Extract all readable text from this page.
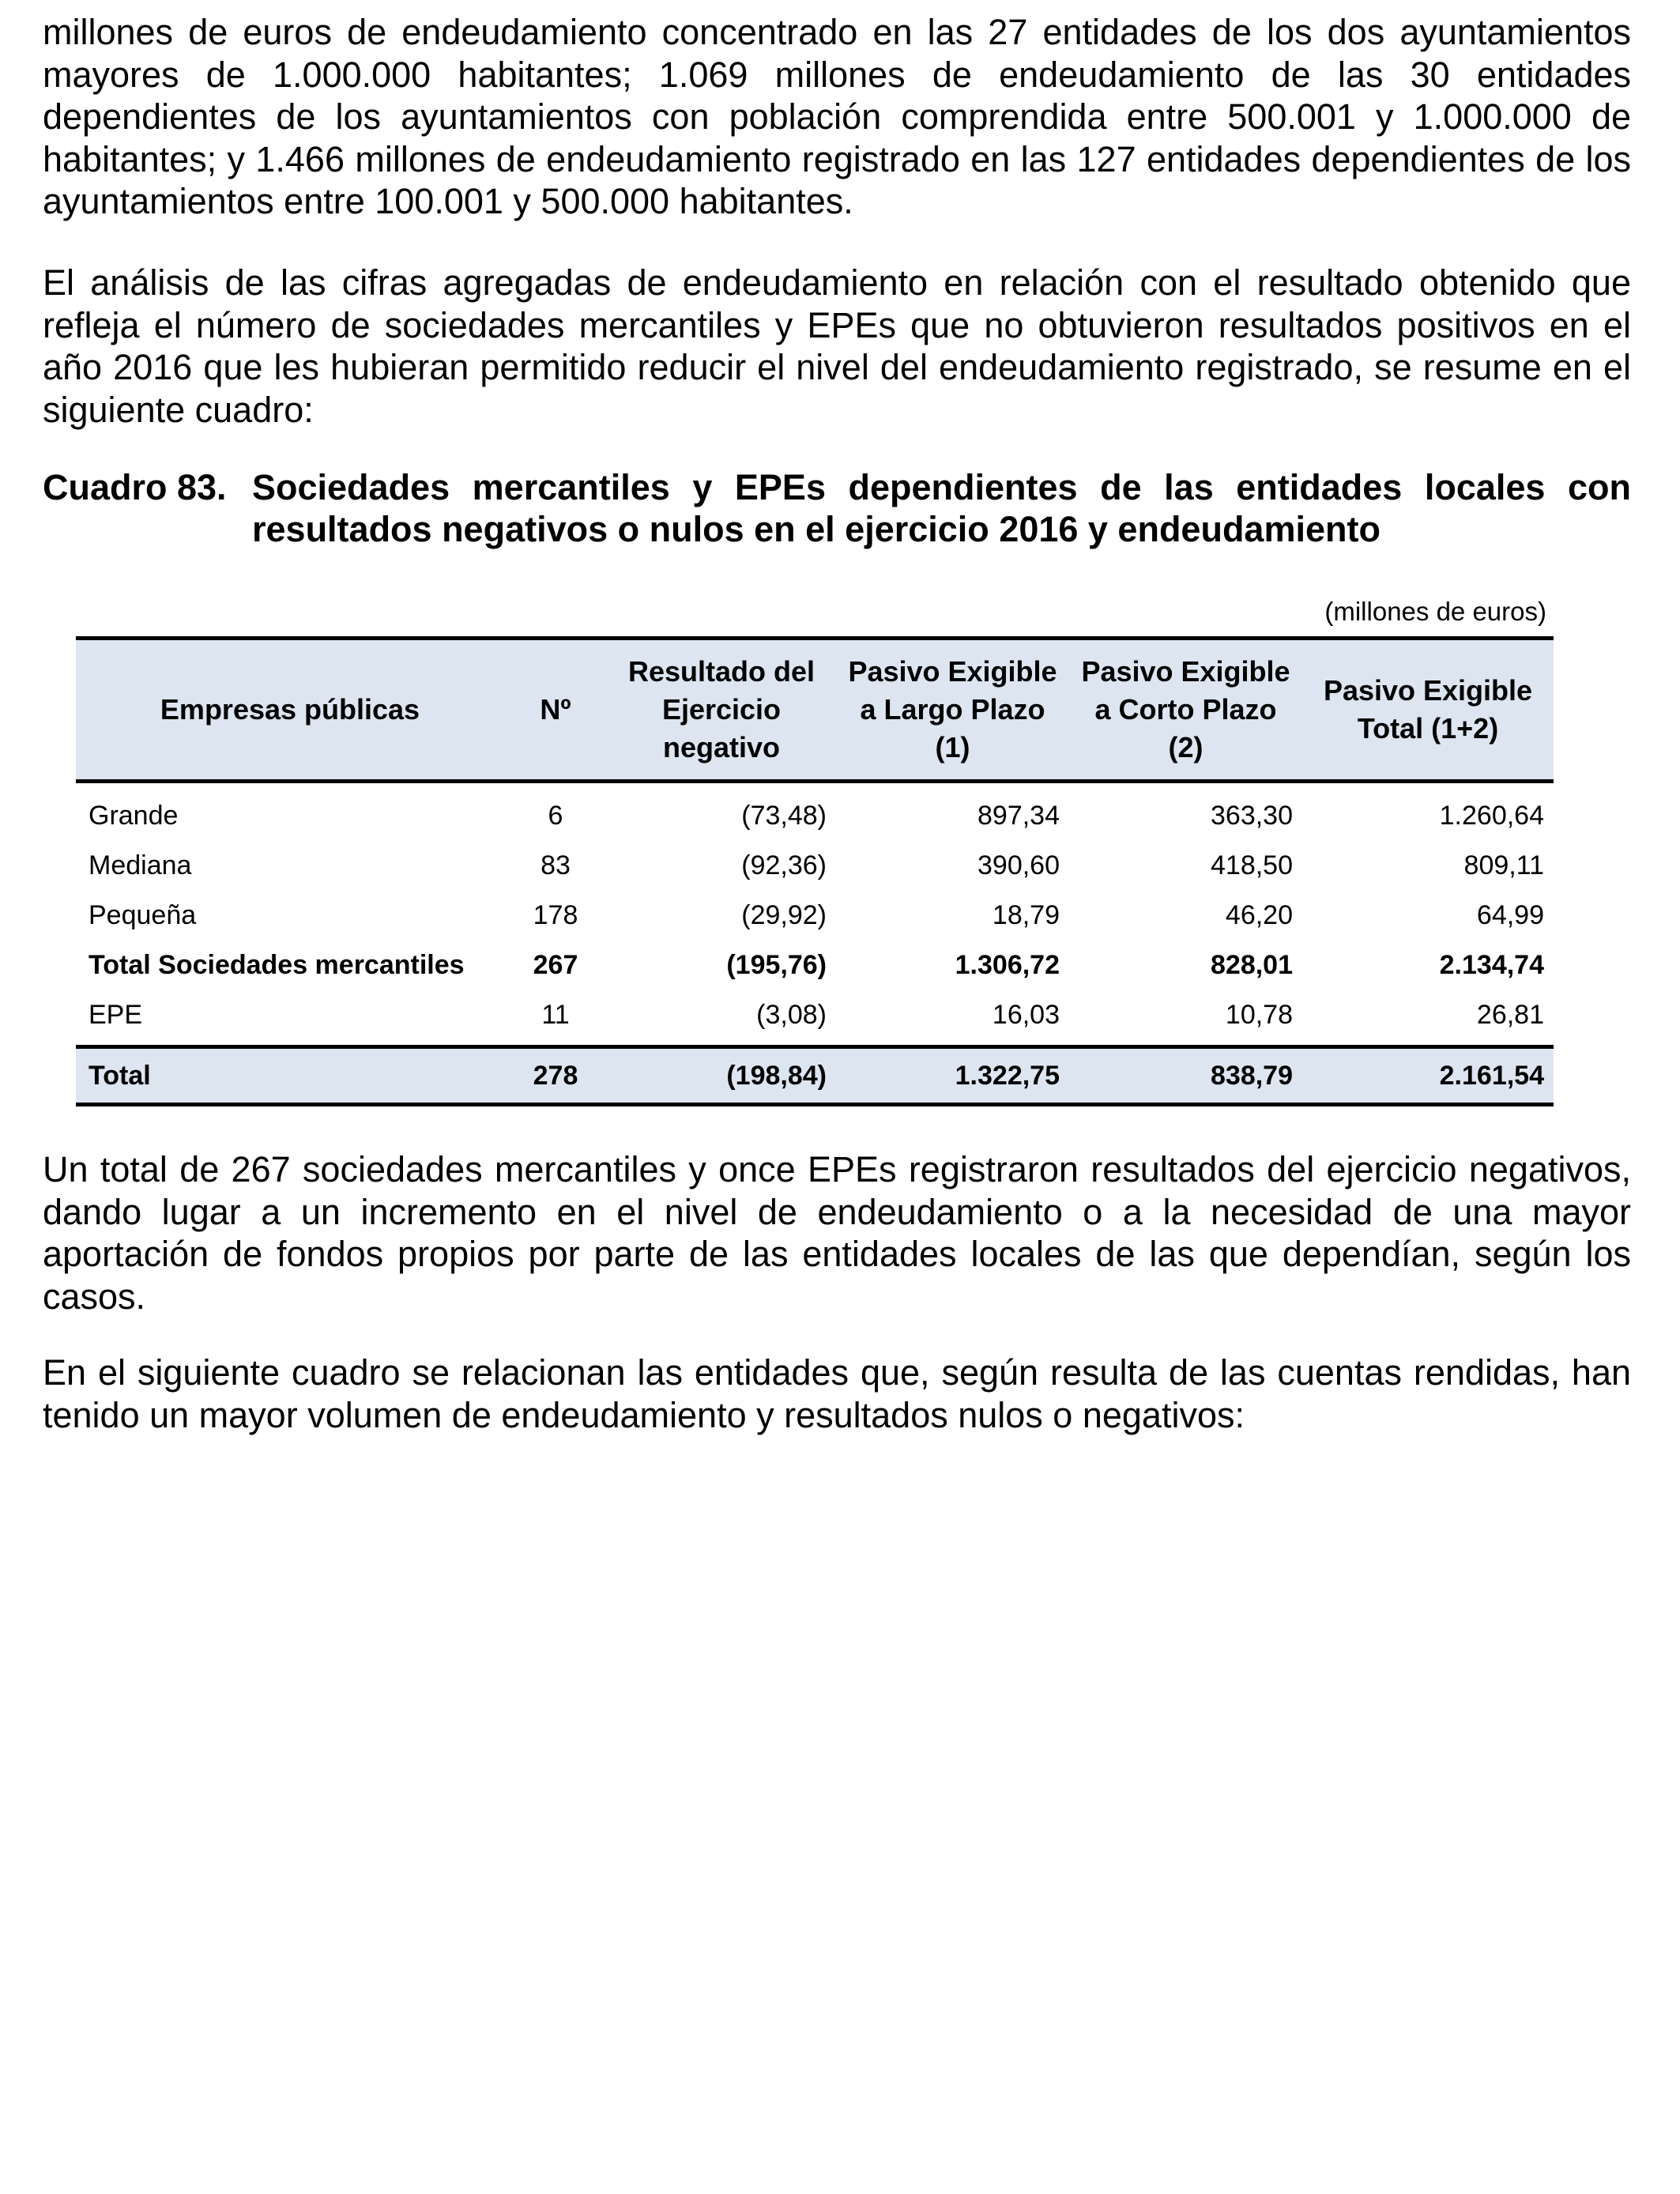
millones de euros de endeudamiento concentrado en las 27 entidades de los dos ayuntamientos mayores de 1.000.000 habitantes; 1.069 millones de endeudamiento de las 30 entidades dependientes de los ayuntamientos con población comprendida entre 500.001 y 1.000.000 de habitantes; y 1.466 millones de endeudamiento registrado en las 127 entidades dependientes de los ayuntamientos entre 100.001 y 500.000 habitantes.

El análisis de las cifras agregadas de endeudamiento en relación con el resultado obtenido que refleja el número de sociedades mercantiles y EPEs que no obtuvieron resultados positivos en el año 2016 que les hubieran permitido reducir el nivel del endeudamiento registrado, se resume en el siguiente cuadro:

Cuadro 83. Sociedades mercantiles y EPEs dependientes de las entidades locales con resultados negativos o nulos en el ejercicio 2016 y endeudamiento

Un total de 267 sociedades mercantiles y once EPEs registraron resultados del ejercicio negativos, dando lugar a un incremento en el nivel de endeudamiento o a la necesidad de una mayor aportación de fondos propios por parte de las entidades locales de las que dependían, según los casos.

En el siguiente cuadro se relacionan las entidades que, según resulta de las cuentas rendidas, han tenido un mayor volumen de endeudamiento y resultados nulos o negativos:

(millones de euros)
Empresas públicas	Nº	Resultado del Ejercicio negativo	Pasivo Exigible a Largo Plazo (1)	Pasivo Exigible a Corto Plazo (2)	Pasivo Exigible Total (1+2)
Grande	6	(73,48)	897,34	363,30	1.260,64
Mediana	83	(92,36)	390,60	418,50	809,11
Pequeña	178	(29,92)	18,79	46,20	64,99
Total Sociedades mercantiles	267	(195,76)	1.306,72	828,01	2.134,74
EPE	11	(3,08)	16,03	10,78	26,81
Total	278	(198,84)	1.322,75	838,79	2.161,54
